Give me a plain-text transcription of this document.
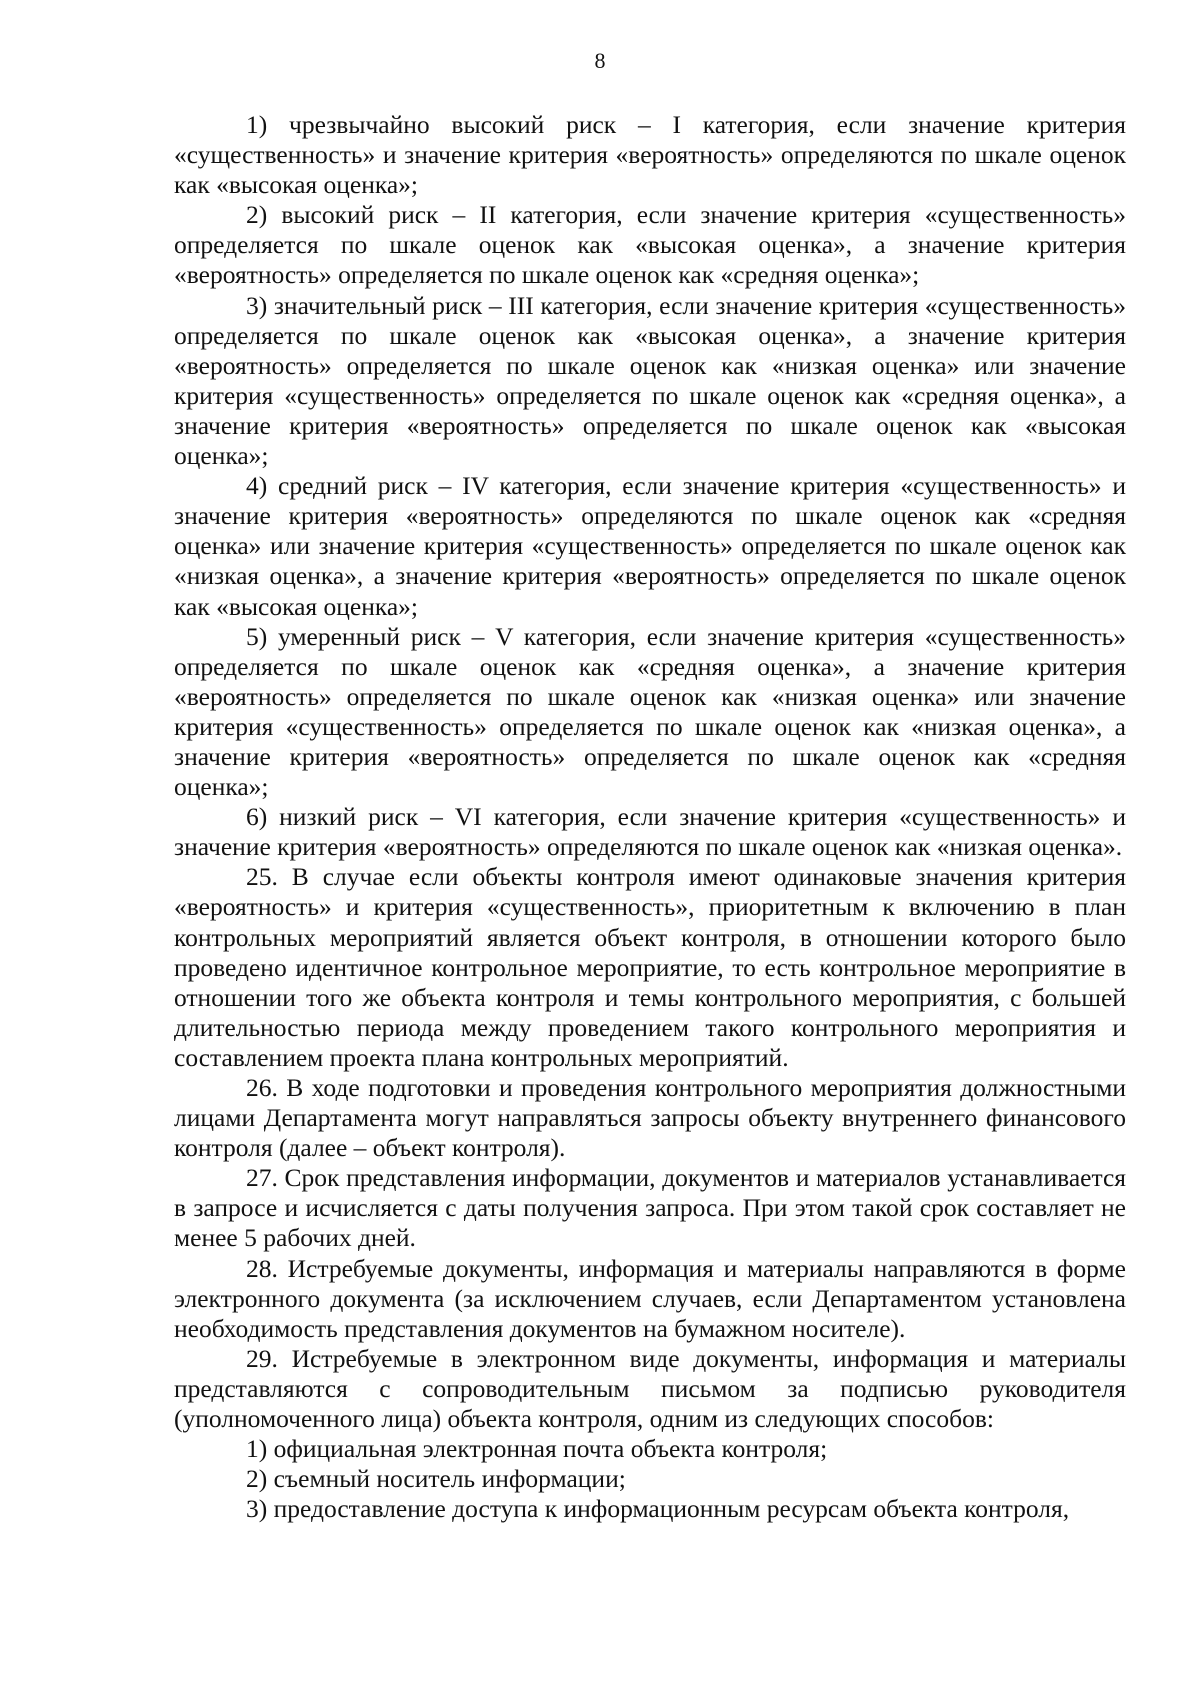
8

1) чрезвычайно высокий риск – I категория, если значение критерия «существенность» и значение критерия «вероятность» определяются по шкале оценок как «высокая оценка»;

2) высокий риск – II категория, если значение критерия «существенность» определяется по шкале оценок как «высокая оценка», а значение критерия «вероятность» определяется по шкале оценок как «средняя оценка»;

3) значительный риск – III категория, если значение критерия «существенность» определяется по шкале оценок как «высокая оценка», а значение критерия «вероятность» определяется по шкале оценок как «низкая оценка» или значение критерия «существенность» определяется по шкале оценок как «средняя оценка», а значение критерия «вероятность» определяется по шкале оценок как «высокая оценка»;

4) средний риск – IV категория, если значение критерия «существенность» и значение критерия «вероятность» определяются по шкале оценок как «средняя оценка» или значение критерия «существенность» определяется по шкале оценок как «низкая оценка», а значение критерия «вероятность» определяется по шкале оценок как «высокая оценка»;

5) умеренный риск – V категория, если значение критерия «существенность» определяется по шкале оценок как «средняя оценка», а значение критерия «вероятность» определяется по шкале оценок как «низкая оценка» или значение критерия «существенность» определяется по шкале оценок как «низкая оценка», а значение критерия «вероятность» определяется по шкале оценок как «средняя оценка»;

6) низкий риск – VI категория, если значение критерия «существенность» и значение критерия «вероятность» определяются по шкале оценок как «низкая оценка».

25. В случае если объекты контроля имеют одинаковые значения критерия «вероятность» и критерия «существенность», приоритетным к включению в план контрольных мероприятий является объект контроля, в отношении которого было проведено идентичное контрольное мероприятие, то есть контрольное мероприятие в отношении того же объекта контроля и темы контрольного мероприятия, с большей длительностью периода между проведением такого контрольного мероприятия и составлением проекта плана контрольных мероприятий.

26. В ходе подготовки и проведения контрольного мероприятия должностными лицами Департамента могут направляться запросы объекту внутреннего финансового контроля (далее – объект контроля).

27. Срок представления информации, документов и материалов устанавливается в запросе и исчисляется с даты получения запроса. При этом такой срок составляет не менее 5 рабочих дней.

28. Истребуемые документы, информация и материалы направляются в форме электронного документа (за исключением случаев, если Департаментом установлена необходимость представления документов на бумажном носителе).

29. Истребуемые в электронном виде документы, информация и материалы представляются с сопроводительным письмом за подписью руководителя (уполномоченного лица) объекта контроля, одним из следующих способов:

1) официальная электронная почта объекта контроля;

2) съемный носитель информации;

3) предоставление доступа к информационным ресурсам объекта контроля,
